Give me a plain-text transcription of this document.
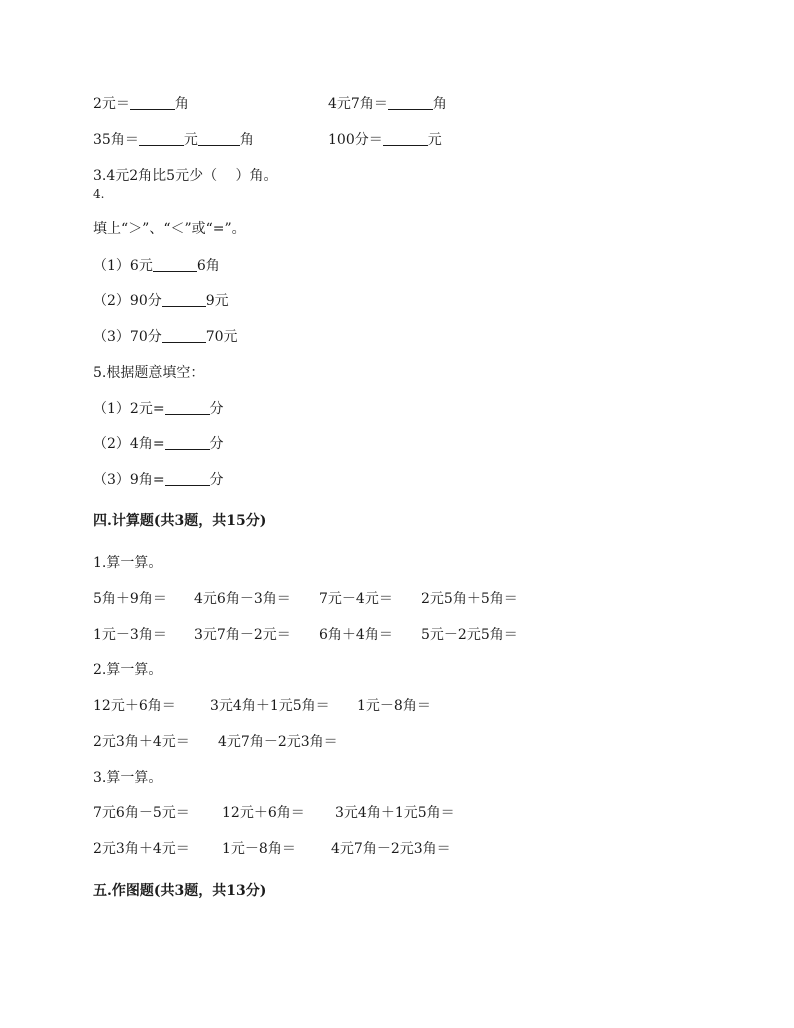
2元＝	角	4元7角＝	角
35角＝	元	角	100分＝	元
3.4元2角比5元少（　 ）角。
4.
填上“＞”、“＜”或“=”。
（1）6元	6角
（2）90分	9元
（3）70分	70元
5.根据题意填空：
（1）2元=	分
（2）4角=	分
（3）9角=	分
四.计算题(共3题，共15分)
1.算一算。
5角＋9角＝ 4元6角－3角＝ 7元－4元＝ 2元5角＋5角＝
1元－3角＝ 3元7角－2元＝ 6角＋4角＝ 5元－2元5角＝
2.算一算。
12元＋6角＝ 3元4角＋1元5角＝ 1元－8角＝
2元3角＋4元＝ 4元7角－2元3角＝
3.算一算。
7元6角－5元＝ 12元＋6角＝ 3元4角＋1元5角＝
2元3角＋4元＝ 1元－8角＝	4元7角－2元3角＝
五.作图题(共3题，共13分)
